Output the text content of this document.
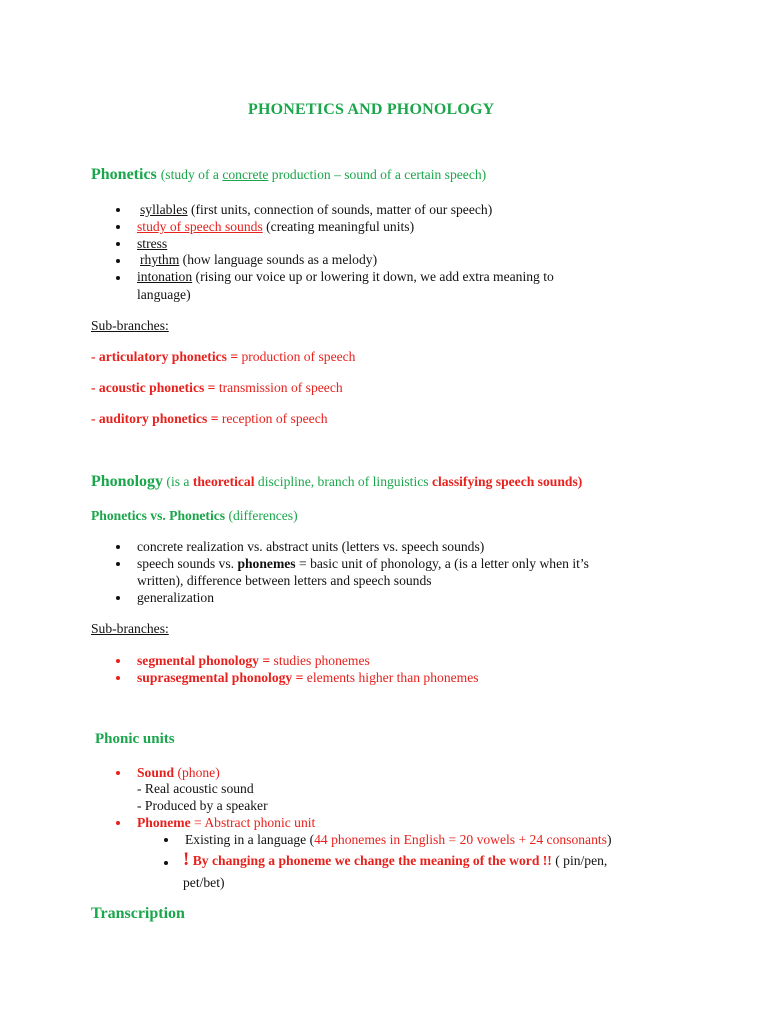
PHONETICS AND PHONOLOGY
Phonetics (study of a concrete production – sound of a certain speech)
syllables (first units, connection of sounds, matter of our speech)
study of speech sounds (creating meaningful units)
stress
rhythm (how language sounds as a melody)
intonation (rising our voice up or lowering it down, we add extra meaning to
language)
Sub-branches:
- articulatory phonetics = production of speech
- acoustic phonetics = transmission of speech
- auditory phonetics = reception of speech
Phonology (is a theoretical discipline, branch of linguistics classifying speech sounds)
Phonetics vs. Phonetics (differences)
concrete realization vs. abstract units (letters vs. speech sounds)
speech sounds vs. phonemes = basic unit of phonology, a (is a letter only when it’s
written), difference between letters and speech sounds
generalization
Sub-branches:
segmental phonology = studies phonemes
suprasegmental phonology = elements higher than phonemes
Phonic units
Sound (phone)
- Real acoustic sound
- Produced by a speaker
Phoneme = Abstract phonic unit
Existing in a language (44 phonemes in English = 20 vowels + 24 consonants)
! By changing a phoneme we change the meaning of the word !! ( pin/pen,
pet/bet)
Transcription
